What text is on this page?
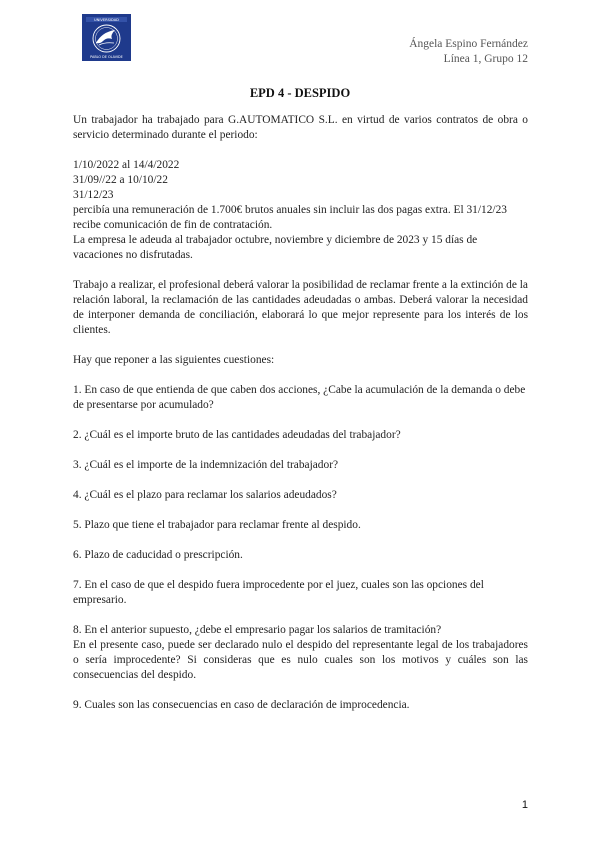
UNIVERSIDAD
PABLO DE OLAVIDE
Ángela Espino Fernández
Línea 1, Grupo 12
EPD 4 - DESPIDO

Un trabajador ha trabajado para G.AUTOMATICO S.L. en virtud de varios contratos de obra o servicio determinado durante el periodo:

1/10/2022 al 14/4/2022

31/09//22 a 10/10/22

31/12/23

percibía una remuneración de 1.700€ brutos anuales sin incluir las dos pagas extra. El 31/12/23 recibe comunicación de fin de contratación.

La empresa le adeuda al trabajador octubre, noviembre y diciembre de 2023 y 15 días de vacaciones no disfrutadas.

Trabajo a realizar, el profesional deberá valorar la posibilidad de reclamar frente a la extinción de la relación laboral, la reclamación de las cantidades adeudadas o ambas. Deberá valorar la necesidad de interponer demanda de conciliación, elaborará lo que mejor represente para los interés de los clientes.

Hay que reponer a las siguientes cuestiones:

1. En caso de que entienda de que caben dos acciones, ¿Cabe la acumulación de la demanda o debe de presentarse por acumulado?

2. ¿Cuál es el importe bruto de las cantidades adeudadas del trabajador?

3. ¿Cuál es el importe de la indemnización del trabajador?

4. ¿Cuál es el plazo para reclamar los salarios adeudados?

5. Plazo que tiene el trabajador para reclamar frente al despido.

6. Plazo de caducidad o prescripción.

7. En el caso de que el despido fuera improcedente por el juez, cuales son las opciones del empresario.

8. En el anterior supuesto, ¿debe el empresario pagar los salarios de tramitación?

En el presente caso, puede ser declarado nulo el despido del representante legal de los trabajadores o sería improcedente? Si consideras que es nulo cuales son los motivos y cuáles son las consecuencias del despido.

9. Cuales son las consecuencias en caso de declaración de improcedencia.

1
